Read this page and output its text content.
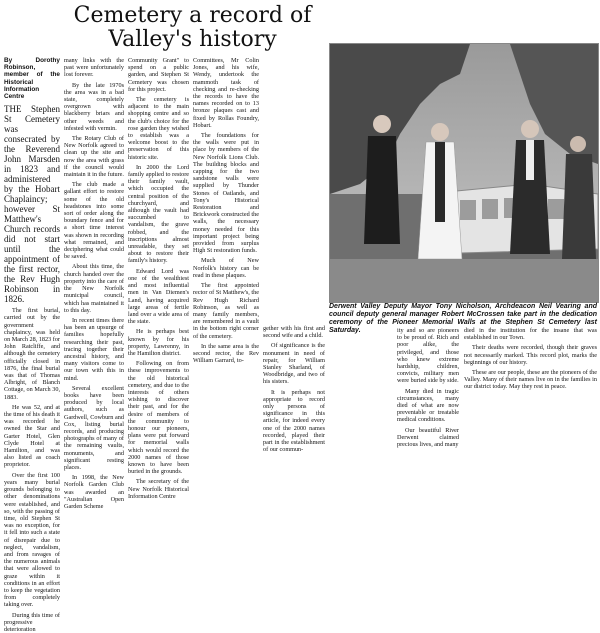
Cemetery a record of Valley's history
By Dorothy Robinson, member of the Historical Information Centre

THE Stephen St Cemetery was consecrated by the Reverend John Marsden in 1823 and administered by the Hobart Chaplaincy; however St Matthew's Church records did not start until the appointment of the first rector, the Rev Hugh Robinson in 1826.

The first burial, carried out by the government chaplaincy, was held on March 28, 1823 for John Ratcliffe, and although the cemetery officially closed in 1876, the final burial was that of Thomas Albright, of Blanch Cottage, on March 30, 1883.

He was 52, and at the time of his death it was recorded he owned the Star and Garter Hotel, Glen Clyde Hotel at Hamilton, and was also listed as coach proprietor.

Over the first 100 years many burial grounds belonging to other denominations were established, and so, with the passing of time, old Stephen St was no exception, for it fell into such a state of disrepair due to neglect, vandalism, and from ravages of the numerous animals that were allowed to graze within it conditions in an effort to keep the vegetation from completely taking over.

During this time of progressive deterioration

many links with the past were unfortunately lost forever.

By the late 1970s the area was in a bad state, completely overgrown with blackberry briars and other weeds and infested with vermin.

The Rotary Club of New Norfolk agreed to clean up the site and now the area with grass if the council would maintain it in the future.

The club made a gallant effort to restore some of the old headstones into some sort of order along the boundary fence and for a short time interest was shown in recording what remained, and deciphering what could be saved.

About this time, the church handed over the property into the care of the New Norfolk municipal council, which has maintained it to this day.

In recent times there has been an upsurge of families hopefully researching their past, tracing together their ancestral history, and many visitors come to our town with this in mind.

Several excellent books have been produced by local authors, such as Gardwell, Cowburn and Cox, listing burial records, and producing photographs of many of the remaining vaults, monuments, and significant resting places.

In 1998, the New Norfolk Garden Club was awarded an "Australian Open Garden Scheme

Community Grant" to spend on a public garden, and Stephen St Cemetery was chosen for this project.

The cemetery is adjacent to the main shopping centre and so the club's choice for the rose garden they wished to establish was a welcome boost to the preservation of this historic site.

In 2000 the Lord family applied to restore their family vault, which occupied the central position of the churchyard, and although the vault had succumbed to vandalism, the grave robbed, and the inscriptions almost unreadable, they set about to restore their family's history.

Edward Lord was one of the wealthiest and most influential men in Van Diemen's Land, having acquired large areas of fertile land over a wide area of the state.

He is perhaps best known by for his property, Lawrenny, in the Hamilton district.

Following on from these improvements to the old historical cemetery, and due to the interests of others wishing to discover their past, and for the desire of members of the community to honour our pioneers, plans were put forward for memorial walls which would record the 2000 names of those known to have been buried in the grounds.

The secretary of the New Norfolk Historical Information Centre

Committees, Mr Colin Jones, and his wife, Wendy, undertook the mammoth task of checking and re-checking the records to have the names recorded on to 13 bronze plaques cast and fixed by Rollas Foundry, Hobart.

The foundations for the walls were put in place by members of the New Norfolk Lions Club. The building blocks and capping for the two sandstone walls were supplied by Thunder Stones of Oatlands, and Tony's Historical Restoration and Brickwork constructed the walls, the necessary money needed for this important project being provided from surplus High St restoration funds.

Much of New Norfolk's history can be read in these plaques.

The first appointed rector of St Matthew's, the Rev Hugh Richard Robinson, as well as many family members, are remembered in a vault in the bottom right corner of the cemetery.

In the same area is the second rector, the Rev William Garrard, to-

gether with his first and second wife and a child.

Of significance is the monument in need of repair, for William Stanley Sharland, of Woodbridge, and two of his sisters.

It is perhaps not appropriate to record only persons of significance in this article, for indeed every one of the 2000 names recorded, played their part in the establishment of our commun-

Derwent Valley Deputy Mayor Tony Nicholson, Archdeacon Neil Vearing and council deputy general manager Robert McCrossen take part in the dedication ceremony of the Pioneer Memorial Walls at the Stephen St Cemetery last Saturday.	ity and so are pioneers to be proud of. Rich and poor alike, the privileged, and those who knew extreme hardship, children, convicts, military men were buried side by side.

Many died in tragic circumstances, many died of what are now preventable or treatable medical conditions.

Our beautiful River Derwent claimed precious lives, and many

died in the institution for the insane that was established in our Town.

Their deaths were recorded, though their graves not necessarily marked. This record plot, marks the beginnings of our history.

These are our people, these are the pioneers of the Valley. Many of their names live on in the families in our district today. May they rest in peace.
